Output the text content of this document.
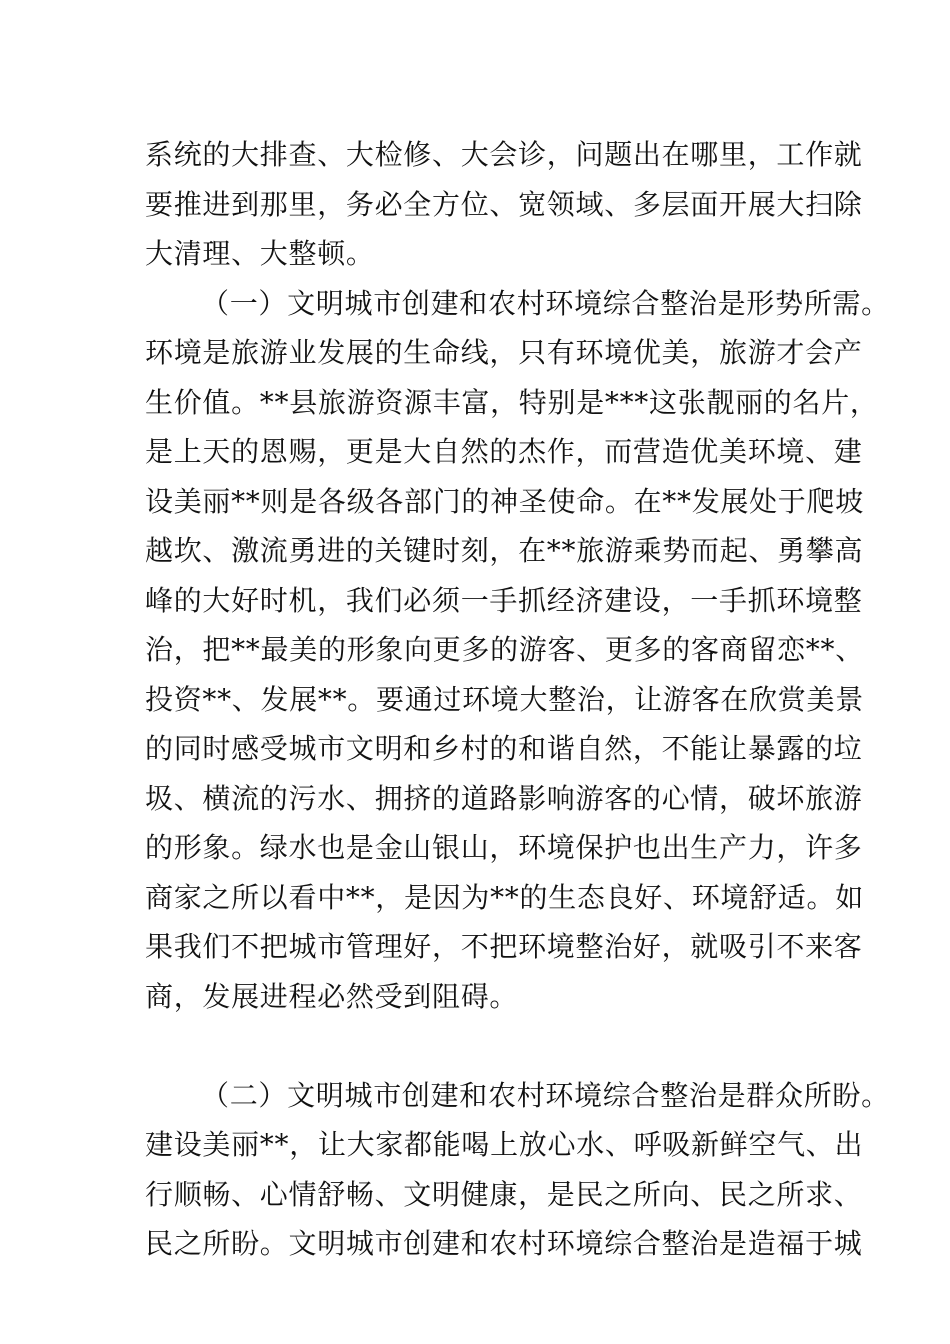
系统的大排查、大检修、大会诊，问题出在哪里，工作就
要推进到那里，务必全方位、宽领域、多层面开展大扫除
大清理、大整顿。
（一）文明城市创建和农村环境综合整治是形势所需。
环境是旅游业发展的生命线，只有环境优美，旅游才会产
生价值。**县旅游资源丰富，特别是***这张靓丽的名片，
是上天的恩赐，更是大自然的杰作，而营造优美环境、建
设美丽**则是各级各部门的神圣使命。在**发展处于爬坡
越坎、激流勇进的关键时刻，在**旅游乘势而起、勇攀高
峰的大好时机，我们必须一手抓经济建设，一手抓环境整
治，把**最美的形象向更多的游客、更多的客商留恋**、
投资**、发展**。要通过环境大整治，让游客在欣赏美景
的同时感受城市文明和乡村的和谐自然，不能让暴露的垃
圾、横流的污水、拥挤的道路影响游客的心情，破坏旅游
的形象。绿水也是金山银山，环境保护也出生产力，许多
商家之所以看中**，是因为**的生态良好、环境舒适。如
果我们不把城市管理好，不把环境整治好，就吸引不来客
商，发展进程必然受到阻碍。
（二）文明城市创建和农村环境综合整治是群众所盼。
建设美丽**，让大家都能喝上放心水、呼吸新鲜空气、出
行顺畅、心情舒畅、文明健康，是民之所向、民之所求、
民之所盼。文明城市创建和农村环境综合整治是造福于城
